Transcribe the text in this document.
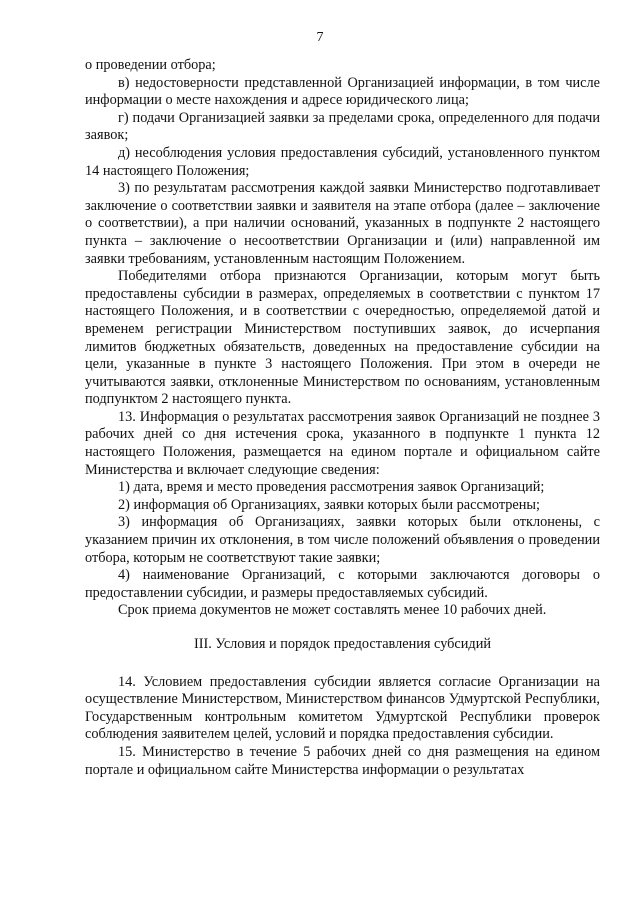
7

о проведении отбора;

в) недостоверности представленной Организацией информации, в том числе информации о месте нахождения и адресе юридического лица;

г) подачи Организацией заявки за пределами срока, определенного для подачи заявок;

д) несоблюдения условия предоставления субсидий, установленного пунктом 14 настоящего Положения;

3) по результатам рассмотрения каждой заявки Министерство подготавливает заключение о соответствии заявки и заявителя на этапе отбора (далее – заключение о соответствии), а при наличии оснований, указанных в подпункте 2 настоящего пункта – заключение о несоответствии Организации и (или) направленной им заявки требованиям, установленным настоящим Положением.

Победителями отбора признаются Организации, которым могут быть предоставлены субсидии в размерах, определяемых в соответствии с пунктом 17 настоящего Положения, и в соответствии с очередностью, определяемой датой и временем регистрации Министерством поступивших заявок, до исчерпания лимитов бюджетных обязательств, доведенных на предоставление субсидии на цели, указанные в пункте 3 настоящего Положения. При этом в очереди не учитываются заявки, отклоненные Министерством по основаниям, установленным подпунктом 2 настоящего пункта.

13. Информация о результатах рассмотрения заявок Организаций не позднее 3 рабочих дней со дня истечения срока, указанного в подпункте 1 пункта 12 настоящего Положения, размещается на едином портале и официальном сайте Министерства и включает следующие сведения:

1) дата, время и место проведения рассмотрения заявок Организаций;

2) информация об Организациях, заявки которых были рассмотрены;

3) информация об Организациях, заявки которых были отклонены, с указанием причин их отклонения, в том числе положений объявления о проведении отбора, которым не соответствуют такие заявки;

4) наименование Организаций, с которыми заключаются договоры о предоставлении субсидии, и размеры предоставляемых субсидий.

Срок приема документов не может составлять менее 10 рабочих дней.

III. Условия и порядок предоставления субсидий

14. Условием предоставления субсидии является согласие Организации на осуществление Министерством, Министерством финансов Удмуртской Республики, Государственным контрольным комитетом Удмуртской Республики проверок соблюдения заявителем целей, условий и порядка предоставления субсидии.

15. Министерство в течение 5 рабочих дней со дня размещения на едином портале и официальном сайте Министерства информации о результатах
